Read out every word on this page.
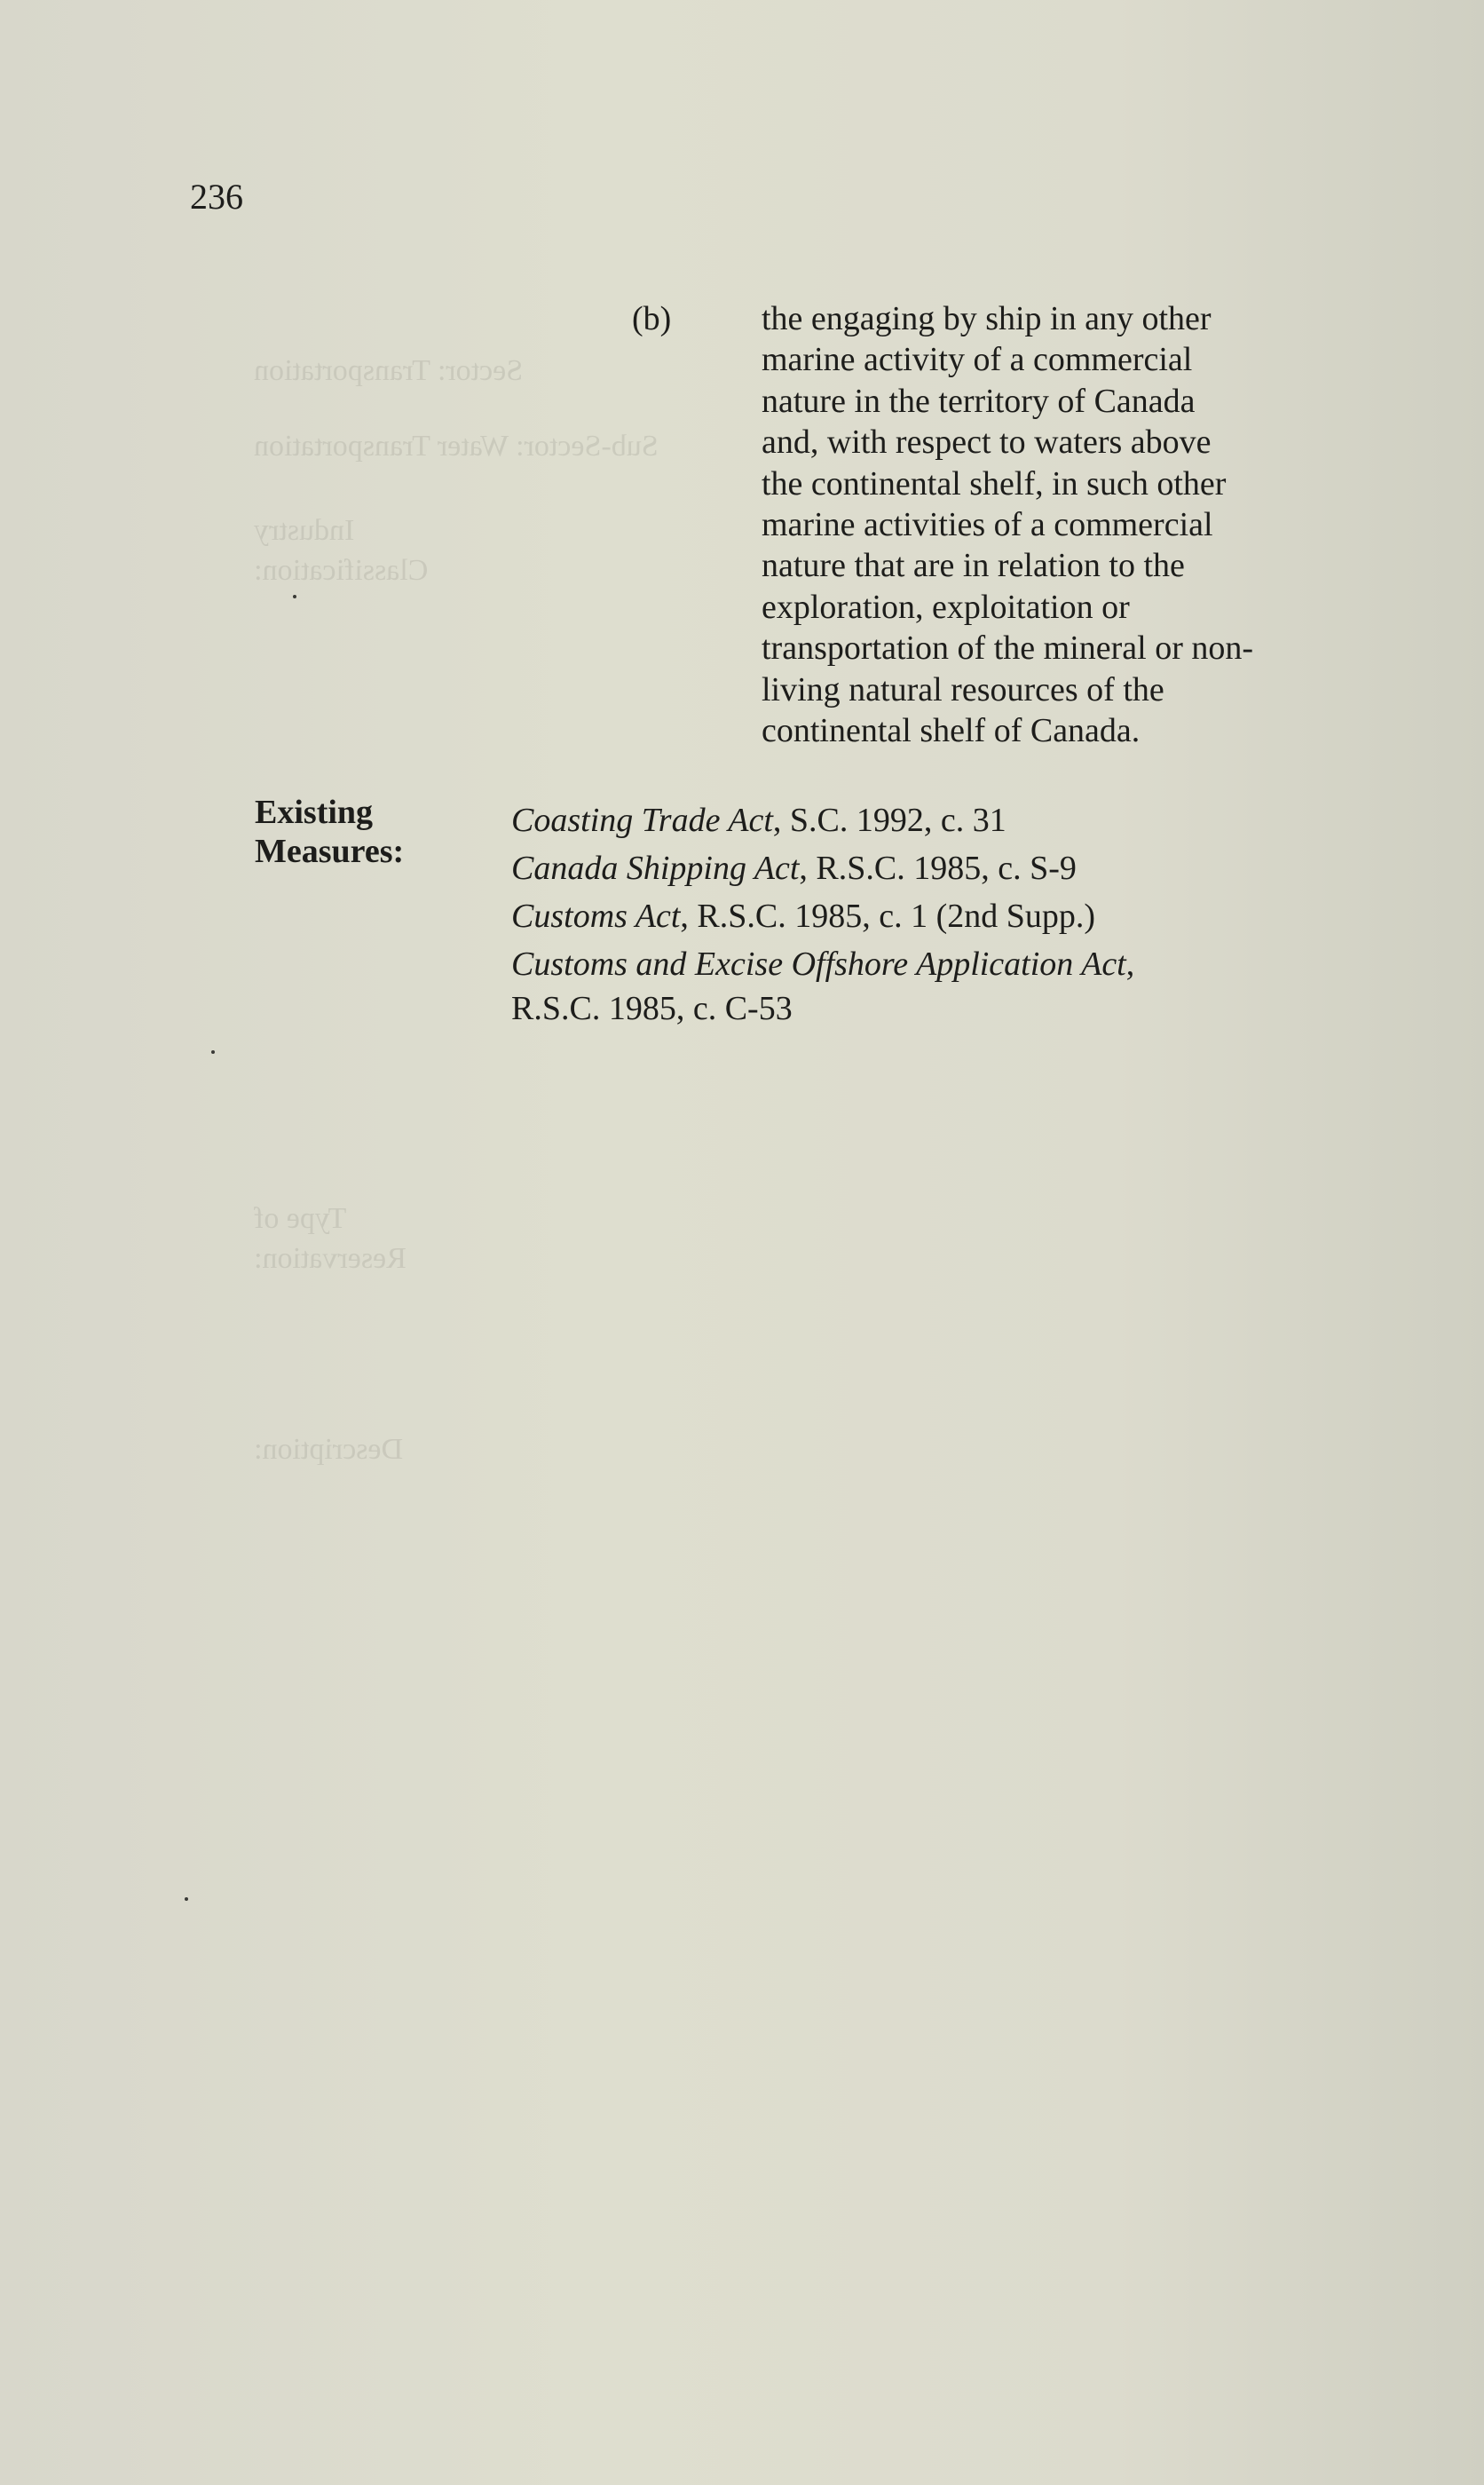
Sector: Transportation
Sub-Sector: Water Transportation
Industry
Classification:
Type of
Reservation:
Description:
236
(b)	the engaging by ship in any other
marine activity of a commercial
nature in the territory of Canada
and, with respect to waters above
the continental shelf, in such other
marine activities of a commercial
nature that are in relation to the
exploration, exploitation or
transportation of the mineral or non-
living natural resources of the
continental shelf of Canada.
Existing
Measures:
Coasting Trade Act, S.C. 1992, c. 31
Canada Shipping Act, R.S.C. 1985, c. S-9
Customs Act, R.S.C. 1985, c. 1 (2nd Supp.)
Customs and Excise Offshore Application Act,
R.S.C. 1985, c. C-53
